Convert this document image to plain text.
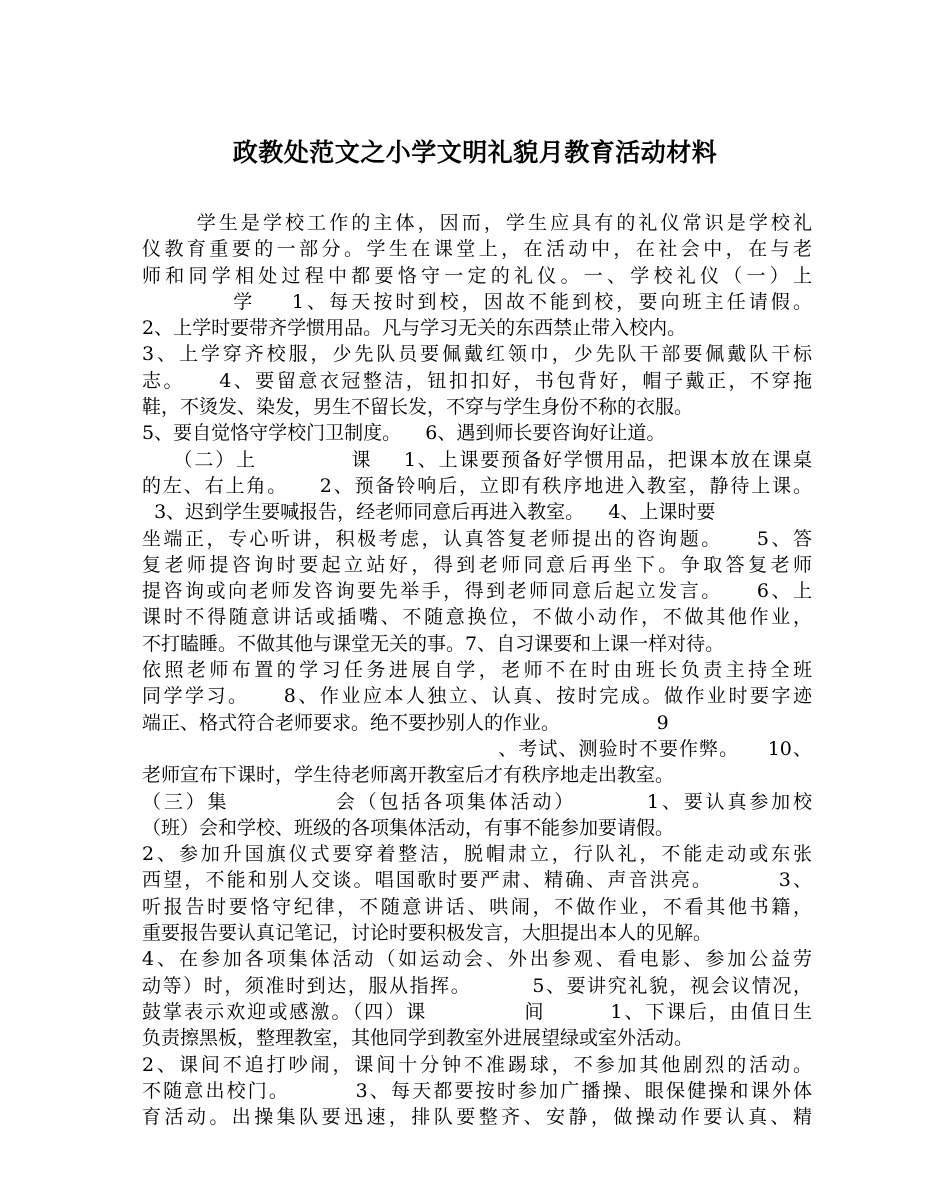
政教处范文之小学文明礼貌月教育活动材料
学生是学校工作的主体，因而，学生应具有的礼仪常识是学校礼
仪教育重要的一部分。学生在课堂上，在活动中，在社会中，在与老
师和同学相处过程中都要恪守一定的礼仪。一、学校礼仪（一）上
学    1、每天按时到校，因故不能到校，要向班主任请假。
2、上学时要带齐学惯用品。凡与学习无关的东西禁止带入校内。
3、上学穿齐校服，少先队员要佩戴红领巾，少先队干部要佩戴队干标
志。    4、要留意衣冠整洁，钮扣扣好，书包背好，帽子戴正，不穿拖
鞋，不烫发、染发，男生不留长发，不穿与学生身份不称的衣服。
5、要自觉恪守学校门卫制度。    6、遇到师长要咨询好让道。
（二）上            课    1、上课要预备好学惯用品，把课本放在课桌
的左、右上角。    2、预备铃响后，立即有秩序地进入教室，静待上课。
3、迟到学生要喊报告，经老师同意后再进入教室。    4、上课时要
坐端正，专心听讲，积极考虑，认真答复老师提出的咨询题。    5、答
复老师提咨询时要起立站好，得到老师同意后再坐下。争取答复老师
提咨询或向老师发咨询要先举手，得到老师同意后起立发言。    6、上
课时不得随意讲话或插嘴、不随意换位，不做小动作，不做其他作业，
不打瞌睡。不做其他与课堂无关的事。7、自习课要和上课一样对待。
依照老师布置的学习任务进展自学，老师不在时由班长负责主持全班
同学学习。    8、作业应本人独立、认真、按时完成。做作业时要字迹
端正、格式符合老师要求。绝不要抄别人的作业。                9
、考试、测验时不要作弊。    10、
老师宣布下课时，学生待老师离开教室后才有秩序地走出教室。
（三）集            会（包括各项集体活动）        1、要认真参加校
（班）会和学校、班级的各项集体活动，有事不能参加要请假。
2、参加升国旗仪式要穿着整洁，脱帽肃立，行队礼，不能走动或东张
西望，不能和别人交谈。唱国歌时要严肃、精确、声音洪亮。        3、
听报告时要恪守纪律，不随意讲话、哄闹，不做作业，不看其他书籍，
重要报告要认真记笔记，讨论时要积极发言，大胆提出本人的见解。
4、在参加各项集体活动（如运动会、外出参观、看电影、参加公益劳
动等）时，须准时到达，服从指挥。        5、要讲究礼貌，视会议情况，
鼓掌表示欢迎或感激。（四）课            间        1、下课后，由值日生
负责擦黑板，整理教室，其他同学到教室外进展望绿或室外活动。
2、课间不追打吵闹，课间十分钟不准踢球，不参加其他剧烈的活动。
不随意出校门。        3、每天都要按时参加广播操、眼保健操和课外体
育活动。出操集队要迅速，排队要整齐、安静，做操动作要认真、精
